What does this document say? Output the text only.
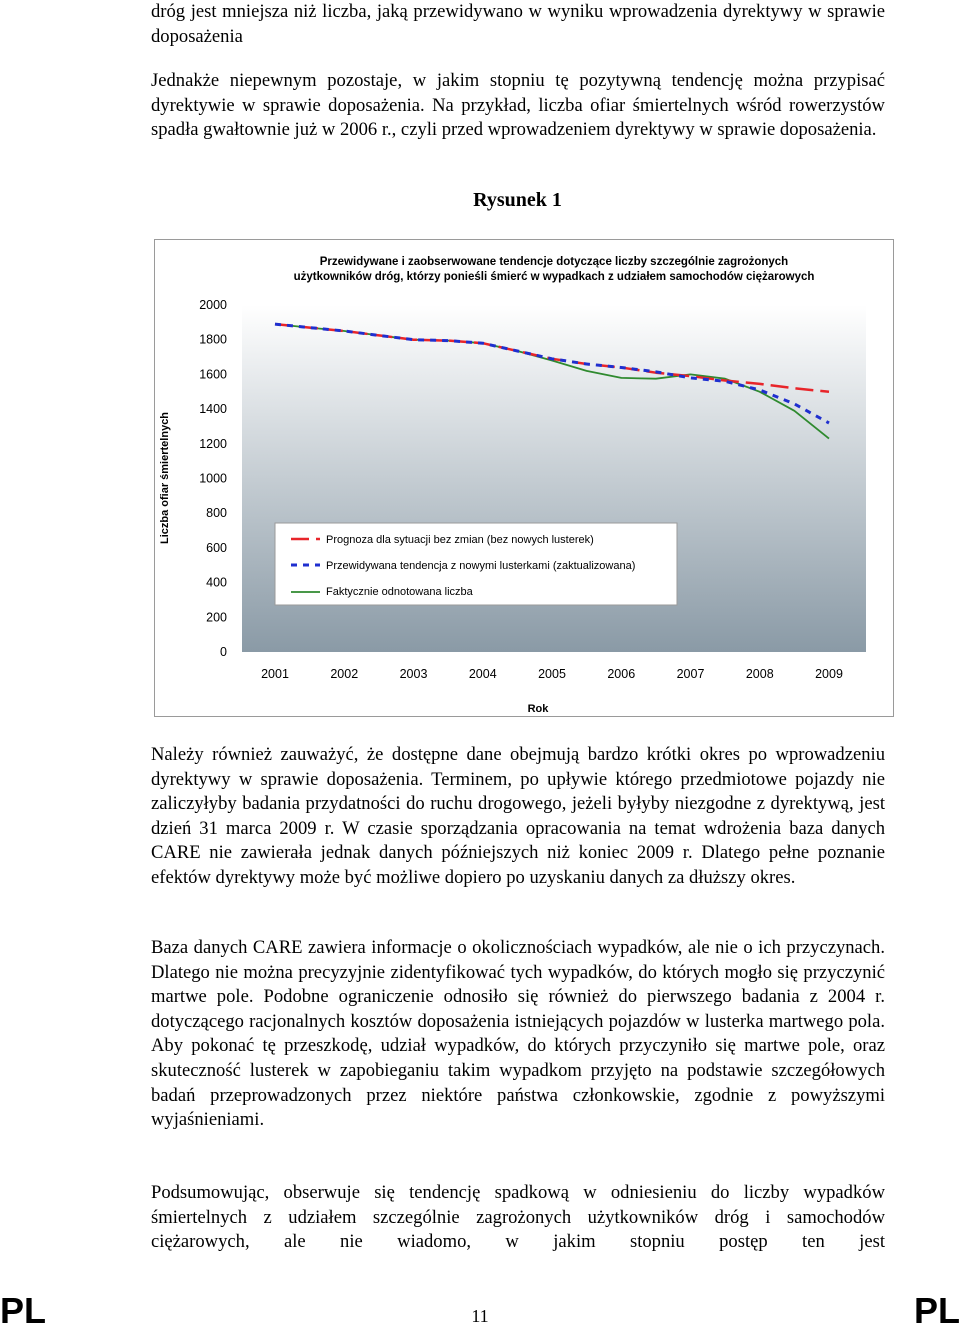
dróg jest mniejsza niż liczba, jaką przewidywano w wyniku wprowadzenia dyrektywy w sprawie doposażenia

Jednakże niepewnym pozostaje, w jakim stopniu tę pozytywną tendencję można przypisać dyrektywie w sprawie doposażenia. Na przykład, liczba ofiar śmiertelnych wśród rowerzystów spadła gwałtownie już w 2006 r., czyli przed wprowadzeniem dyrektywy w sprawie doposażenia.

Rysunek 1
Przewidywane i zaobserwowane tendencje dotyczące liczby szczególnie zagrożonych
użytkowników dróg, którzy ponieśli śmierć w wypadkach z udziałem samochodów ciężarowych
0
200
400
600
800
1000
1200
1400
1600
1800
2000
2001	2002	2003	2004	2005	2006	2007	2008	2009
Liczba ofiar śmiertelnych
Rok
Prognoza dla sytuacji bez zmian (bez nowych lusterek)
Przewidywana tendencja z nowymi lusterkami (zaktualizowana)
Faktycznie odnotowana liczba

Należy również zauważyć, że dostępne dane obejmują bardzo krótki okres po wprowadzeniu dyrektywy w sprawie doposażenia. Terminem, po upływie którego przedmiotowe pojazdy nie zaliczyłyby badania przydatności do ruchu drogowego, jeżeli byłyby niezgodne z dyrektywą, jest dzień 31 marca 2009 r. W czasie sporządzania opracowania na temat wdrożenia baza danych CARE nie zawierała jednak danych późniejszych niż koniec 2009 r. Dlatego pełne poznanie efektów dyrektywy może być możliwe dopiero po uzyskaniu danych za dłuższy okres.

Baza danych CARE zawiera informacje o okolicznościach wypadków, ale nie o ich przyczynach. Dlatego nie można precyzyjnie zidentyfikować tych wypadków, do których mogło się przyczynić martwe pole. Podobne ograniczenie odnosiło się również do pierwszego badania z 2004 r. dotyczącego racjonalnych kosztów doposażenia istniejących pojazdów w lusterka martwego pola. Aby pokonać tę przeszkodę, udział wypadków, do których przyczyniło się martwe pole, oraz skuteczność lusterek w zapobieganiu takim wypadkom przyjęto na podstawie szczegółowych badań przeprowadzonych przez niektóre państwa członkowskie, zgodnie z powyższymi wyjaśnieniami.

Podsumowując, obserwuje się tendencję spadkową w odniesieniu do liczby wypadków śmiertelnych z udziałem szczególnie zagrożonych użytkowników dróg i samochodów ciężarowych, ale nie wiadomo, w jakim stopniu postęp ten jest

PL	11	PL
